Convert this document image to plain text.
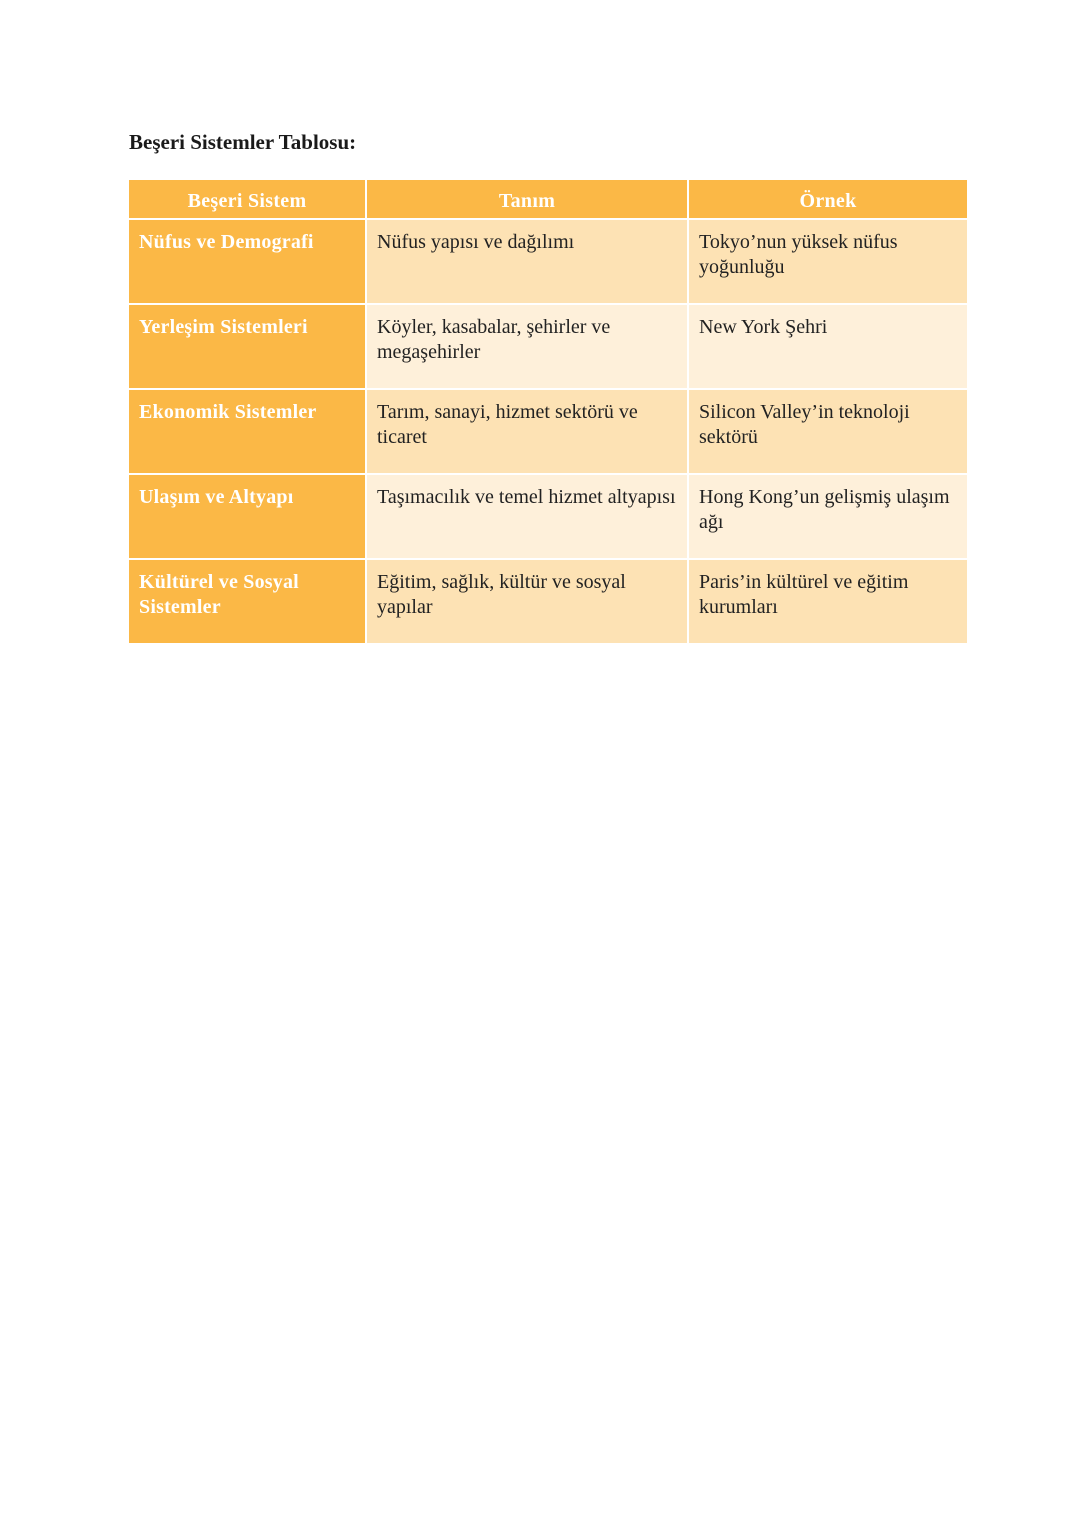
Beşeri Sistemler Tablosu:
Beşeri Sistem	Tanım	Örnek
Nüfus ve Demografi	Nüfus yapısı ve dağılımı	Tokyo’nun yüksek nüfus yoğunluğu
Yerleşim Sistemleri	Köyler, kasabalar, şehirler ve megaşehirler	New York Şehri
Ekonomik Sistemler	Tarım, sanayi, hizmet sektörü ve ticaret	Silicon Valley’in teknoloji sektörü
Ulaşım ve Altyapı	Taşımacılık ve temel hizmet altyapısı	Hong Kong’un gelişmiş ulaşım ağı
Kültürel ve Sosyal Sistemler	Eğitim, sağlık, kültür ve sosyal yapılar	Paris’in kültürel ve eğitim kurumları
